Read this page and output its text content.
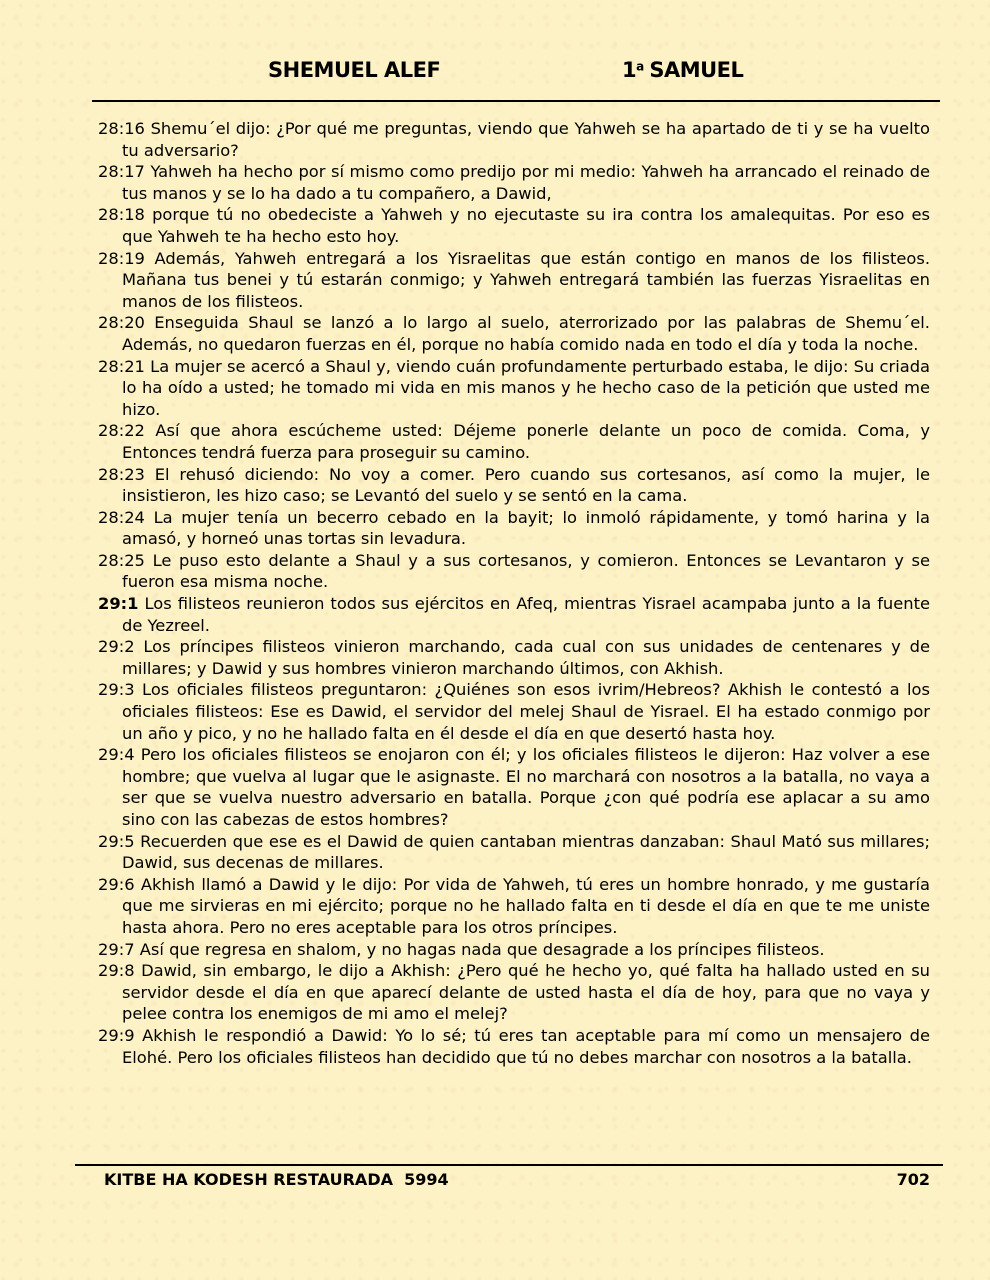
SHEMUEL ALEF	1$^a$ SAMUEL

28:16 Shemu´el dijo: ¿Por qué me preguntas, viendo que Yahweh se ha apartado de ti y se ha vuelto tu adversario?

28:17 Yahweh ha hecho por sí mismo como predijo por mi medio: Yahweh ha arrancado el reinado de tus manos y se lo ha dado a tu compañero, a Dawid,

28:18 porque tú no obedeciste a Yahweh y no ejecutaste su ira contra los amalequitas. Por eso es que Yahweh te ha hecho esto hoy.

28:19 Además, Yahweh entregará a los Yisraelitas que están contigo en manos de los filisteos. Mañana tus benei y tú estarán conmigo; y Yahweh entregará también las fuerzas Yisraelitas en manos de los filisteos.

28:20 Enseguida Shaul se lanzó a lo largo al suelo, aterrorizado por las palabras de Shemu´el. Además, no quedaron fuerzas en él, porque no había comido nada en todo el día y toda la noche.

28:21 La mujer se acercó a Shaul y, viendo cuán profundamente perturbado estaba, le dijo: Su criada lo ha oído a usted; he tomado mi vida en mis manos y he hecho caso de la petición que usted me hizo.

28:22 Así que ahora escúcheme usted: Déjeme ponerle delante un poco de comida. Coma, y Entonces tendrá fuerza para proseguir su camino.

28:23 El rehusó diciendo: No voy a comer. Pero cuando sus cortesanos, así como la mujer, le insistieron, les hizo caso; se Levantó del suelo y se sentó en la cama.

28:24 La mujer tenía un becerro cebado en la bayit; lo inmoló rápidamente, y tomó harina y la amasó, y horneó unas tortas sin levadura.

28:25 Le puso esto delante a Shaul y a sus cortesanos, y comieron. Entonces se Levantaron y se fueron esa misma noche.

29:1 Los filisteos reunieron todos sus ejércitos en Afeq, mientras Yisrael acampaba junto a la fuente de Yezreel.

29:2 Los príncipes filisteos vinieron marchando, cada cual con sus unidades de centenares y de millares; y Dawid y sus hombres vinieron marchando últimos, con Akhish.

29:3 Los oficiales filisteos preguntaron: ¿Quiénes son esos ivrim/Hebreos? Akhish le contestó a los oficiales filisteos: Ese es Dawid, el servidor del melej Shaul de Yisrael. El ha estado conmigo por un año y pico, y no he hallado falta en él desde el día en que desertó hasta hoy.

29:4 Pero los oficiales filisteos se enojaron con él; y los oficiales filisteos le dijeron: Haz volver a ese hombre; que vuelva al lugar que le asignaste. El no marchará con nosotros a la batalla, no vaya a ser que se vuelva nuestro adversario en batalla. Porque ¿con qué podría ese aplacar a su amo sino con las cabezas de estos hombres?

29:5 Recuerden que ese es el Dawid de quien cantaban mientras danzaban: Shaul Mató sus millares; Dawid, sus decenas de millares.

29:6 Akhish llamó a Dawid y le dijo: Por vida de Yahweh, tú eres un hombre honrado, y me gustaría que me sirvieras en mi ejército; porque no he hallado falta en ti desde el día en que te me uniste hasta ahora. Pero no eres aceptable para los otros príncipes.

29:7 Así que regresa en shalom, y no hagas nada que desagrade a los príncipes filisteos.

29:8 Dawid, sin embargo, le dijo a Akhish: ¿Pero qué he hecho yo, qué falta ha hallado usted en su servidor desde el día en que aparecí delante de usted hasta el día de hoy, para que no vaya y pelee contra los enemigos de mi amo el melej?

29:9 Akhish le respondió a Dawid: Yo lo sé; tú eres tan aceptable para mí como un mensajero de Elohé. Pero los oficiales filisteos han decidido que tú no debes marchar con nosotros a la batalla.

KITBE HA KODESH RESTAURADA  5994	702
